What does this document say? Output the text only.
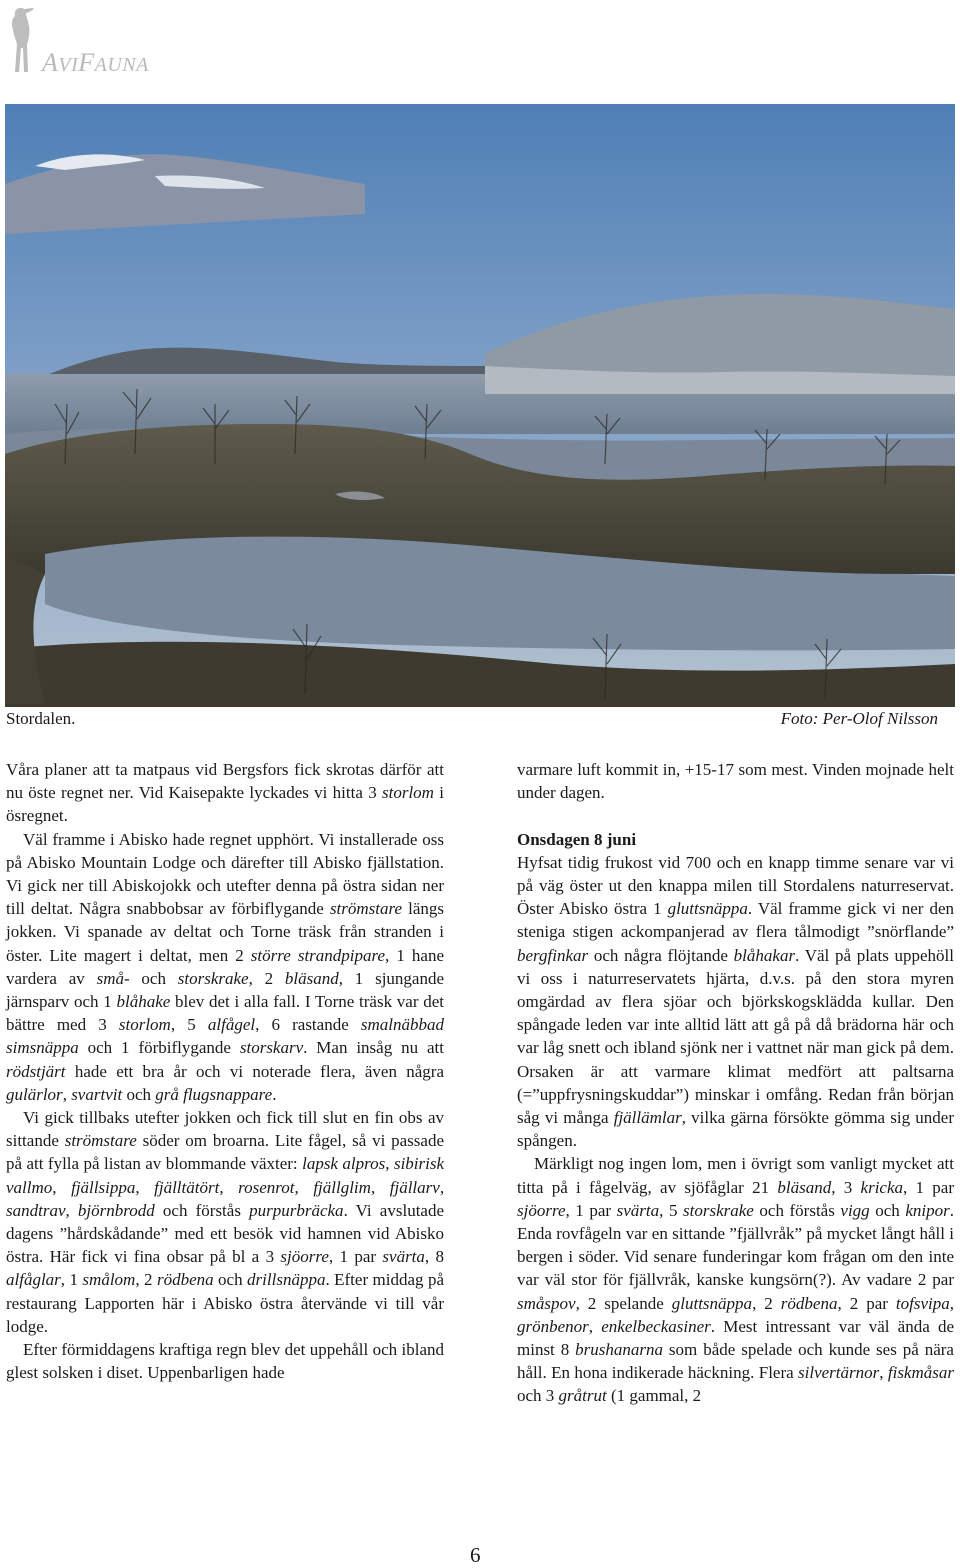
AVIFAUNA
Stordalen.	Foto: Per-Olof Nilsson

Våra planer att ta matpaus vid Bergsfors fick skrotas därför att nu öste regnet ner. Vid Kaisepakte lyckades vi hitta 3 storlom i ösregnet.

Väl framme i Abisko hade regnet upphört. Vi installerade oss på Abisko Mountain Lodge och därefter till Abisko fjällstation. Vi gick ner till Abiskojokk och utefter denna på östra sidan ner till deltat. Några snabbobsar av förbiflygande strömstare längs jokken. Vi spanade av deltat och Torne träsk från stranden i öster. Lite magert i deltat, men 2 större strandpipare, 1 hane vardera av små- och storskrake, 2 bläsand, 1 sjungande järnsparv och 1 blåhake blev det i alla fall. I Torne träsk var det bättre med 3 storlom, 5 alfågel, 6 rastande smalnäbbad simsnäppa och 1 förbiflygande storskarv. Man insåg nu att rödstjärt hade ett bra år och vi noterade flera, även några gulärlor, svartvit och grå flugsnappare.

Vi gick tillbaks utefter jokken och fick till slut en fin obs av sittande strömstare söder om broarna. Lite fågel, så vi passade på att fylla på listan av blommande växter: lapsk alpros, sibirisk vallmo, fjällsippa, fjälltätört, rosenrot, fjällglim, fjällarv, sandtrav, björnbrodd och förstås purpurbräcka. Vi avslutade dagens ”hårdskådande” med ett besök vid hamnen vid Abisko östra. Här fick vi fina obsar på bl a 3 sjöorre, 1 par svärta, 8 alfåglar, 1 smålom, 2 rödbena och drillsnäppa. Efter middag på restaurang Lapporten här i Abisko östra återvände vi till vår lodge.

Efter förmiddagens kraftiga regn blev det uppehåll och ibland glest solsken i diset. Uppenbarligen hade

varmare luft kommit in, +15-17 som mest. Vinden mojnade helt under dagen.

Onsdagen 8 juni

Hyfsat tidig frukost vid 700 och en knapp timme senare var vi på väg öster ut den knappa milen till Stordalens naturreservat. Öster Abisko östra 1 gluttsnäppa. Väl framme gick vi ner den steniga stigen ackompanjerad av flera tålmodigt ”snörflande” bergfinkar och några flöjtande blåhakar. Väl på plats uppehöll vi oss i naturreservatets hjärta, d.v.s. på den stora myren omgärdad av flera sjöar och björkskogsklädda kullar. Den spångade leden var inte alltid lätt att gå på då brädorna här och var låg snett och ibland sjönk ner i vattnet när man gick på dem. Orsaken är att varmare klimat medfört att paltsarna (=”uppfrysningskuddar”) minskar i omfång. Redan från början såg vi många fjällämlar, vilka gärna försökte gömma sig under spången.

Märkligt nog ingen lom, men i övrigt som vanligt mycket att titta på i fågelväg, av sjöfåglar 21 bläsand, 3 kricka, 1 par sjöorre, 1 par svärta, 5 storskrake och förstås vigg och knipor. Enda rovfågeln var en sittande ”fjällvråk” på mycket långt håll i bergen i söder. Vid senare funderingar kom frågan om den inte var väl stor för fjällvråk, kanske kungsörn(?). Av vadare 2 par småspov, 2 spelande gluttsnäppa, 2 rödbena, 2 par tofsvipa, grönbenor, enkelbeckasiner. Mest intressant var väl ända de minst 8 brushanarna som både spelade och kunde ses på nära håll. En hona indikerade häckning. Flera silvertärnor, fiskmåsar och 3 gråtrut (1 gammal, 2

6
